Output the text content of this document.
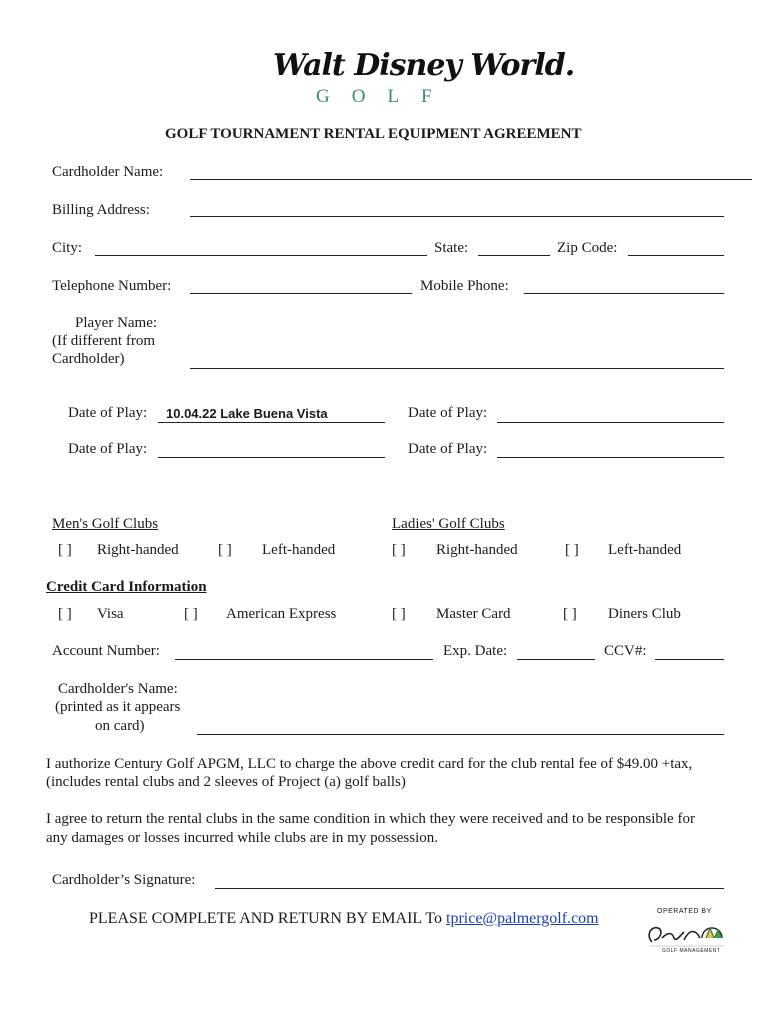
Walt Disney World.
GOLF
GOLF TOURNAMENT RENTAL EQUIPMENT AGREEMENT
Cardholder Name:
Billing Address:
City:	State:	Zip Code:
Telephone Number:	Mobile Phone:
Player Name:
(If different from
Cardholder)
Date of Play: 10.04.22 Lake Buena Vista	Date of Play:
Date of Play:	Date of Play:
Men's Golf Clubs	Ladies' Golf Clubs
[ ] Right-handed	[ ] Left-handed	[ ] Right-handed	[ ] Left-handed
Credit Card Information
[ ] Visa	[ ] American Express	[ ] Master Card	[ ] Diners Club
Account Number:	Exp. Date:	CCV#:
Cardholder's Name:
(printed as it appears
on card)
I authorize Century Golf APGM, LLC to charge the above credit card for the club rental fee of $49.00 +tax,
(includes rental clubs and 2 sleeves of Project (a) golf balls)
I agree to return the rental clubs in the same condition in which they were received and to be responsible for
any damages or losses incurred while clubs are in my possession.
Cardholder’s Signature:
PLEASE COMPLETE AND RETURN BY EMAIL To tprice@palmergolf.com	OPERATED BY
GOLF MANAGEMENT
